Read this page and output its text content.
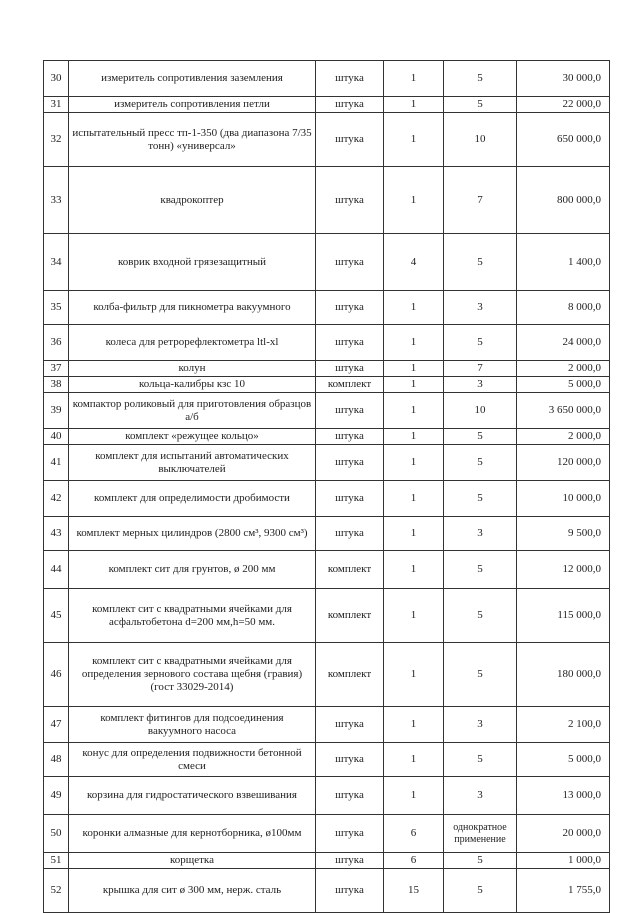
30	измеритель сопротивления заземления	штука	1	5	30 000,0
31	измеритель сопротивления петли	штука	1	5	22 000,0
32	испытательный пресс тп-1-350 (два диапазона 7/35 тонн) «универсал»	штука	1	10	650 000,0
33	квадрокоптер	штука	1	7	800 000,0
34	коврик входной грязезащитный	штука	4	5	1 400,0
35	колба-фильтр для пикнометра вакуумного	штука	1	3	8 000,0
36	колеса для ретрорефлектометра ltl-xl	штука	1	5	24 000,0
37	колун	штука	1	7	2 000,0
38	кольца-калибры кзс 10	комплект	1	3	5 000,0
39	компактор роликовый для приготовления образцов а/б	штука	1	10	3 650 000,0
40	комплект «режущее кольцо»	штука	1	5	2 000,0
41	комплект для испытаний автоматических выключателей	штука	1	5	120 000,0
42	комплект для определимости дробимости	штука	1	5	10 000,0
43	комплект мерных цилиндров (2800 см³, 9300 см³)	штука	1	3	9 500,0
44	комплект сит для грунтов, ø 200 мм	комплект	1	5	12 000,0
45	комплект сит с квадратными ячейками для асфальтобетона d=200 мм,h=50 мм.	комплект	1	5	115 000,0
46	комплект сит с квадратными ячейками для определения зернового состава щебня (гравия) (гост 33029-2014)	комплект	1	5	180 000,0
47	комплект фитингов для подсоединения вакуумного насоса	штука	1	3	2 100,0
48	конус для определения подвижности бетонной смеси	штука	1	5	5 000,0
49	корзина для гидростатического взвешивания	штука	1	3	13 000,0
50	коронки алмазные для кернотборника, ø100мм	штука	6	однократное применение	20 000,0
51	корщетка	штука	6	5	1 000,0
52	крышка для сит ø 300 мм, нерж. сталь	штука	15	5	1 755,0
